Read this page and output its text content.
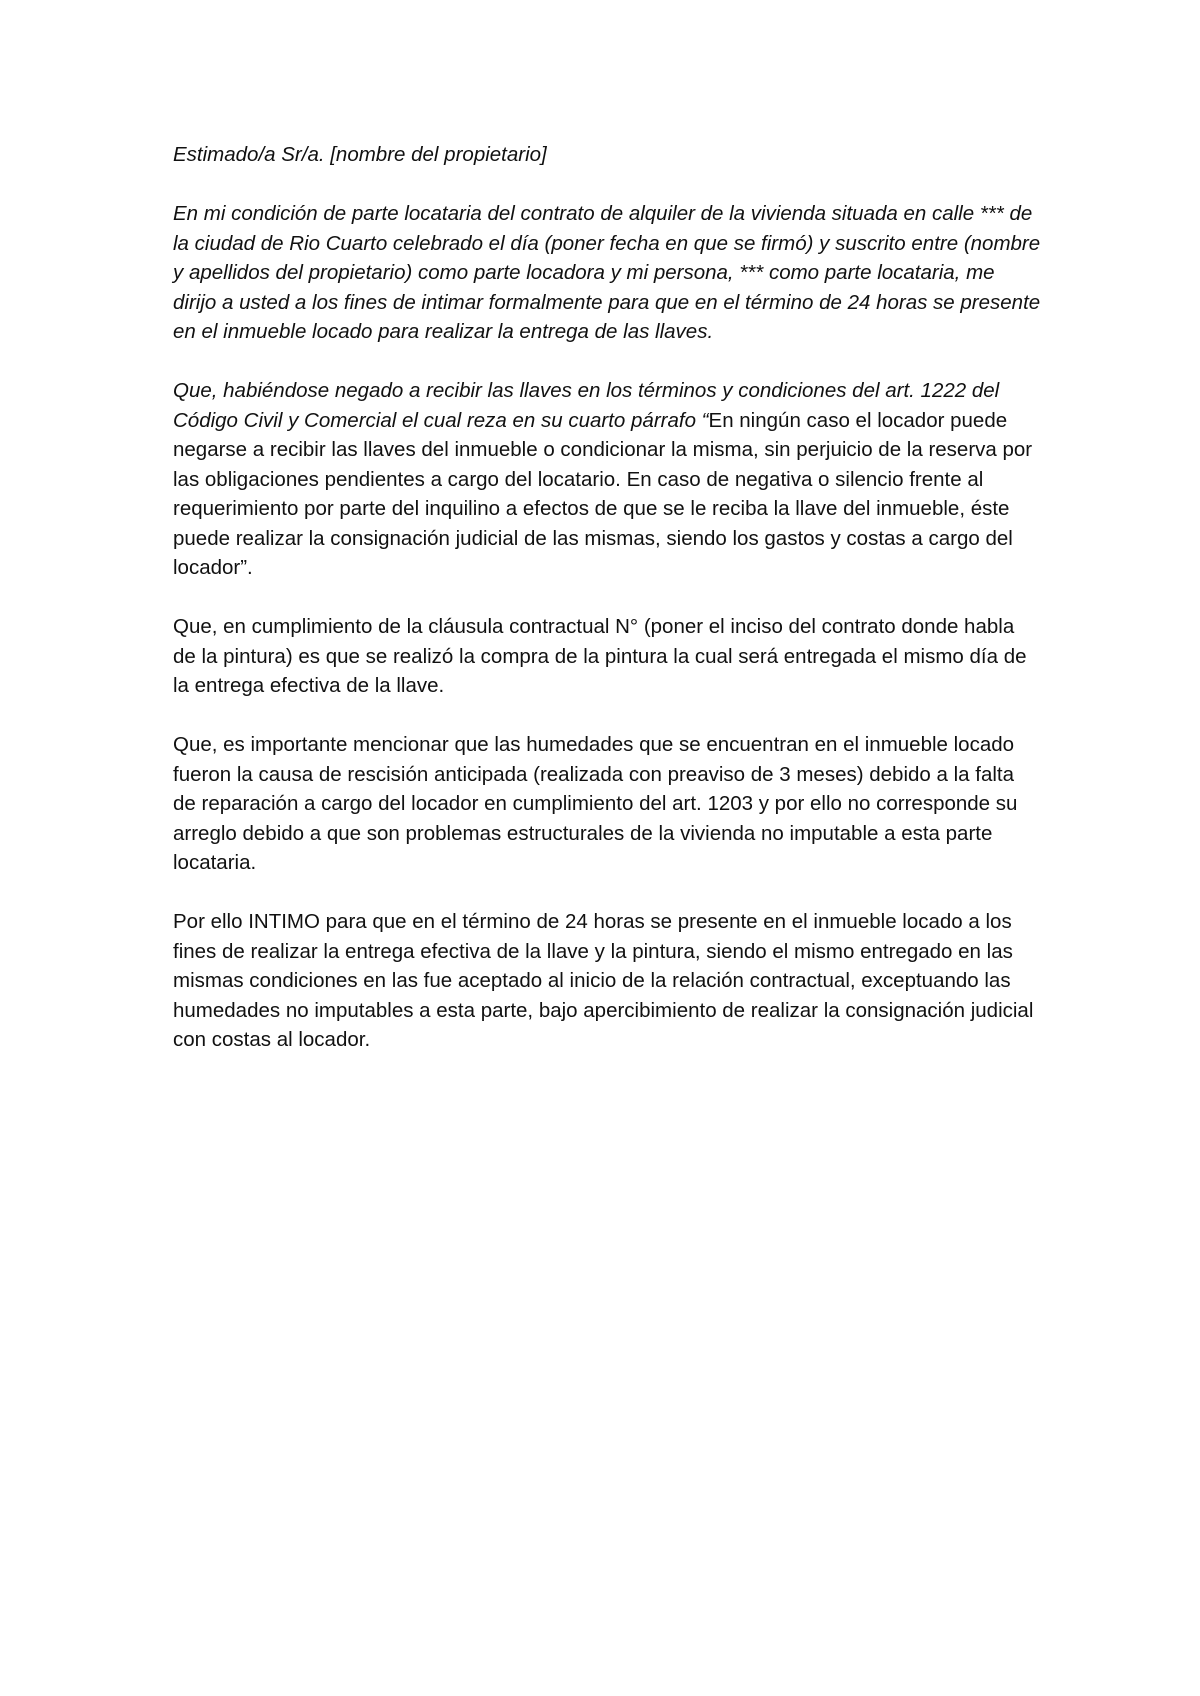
Estimado/a Sr/a. [nombre del propietario]

En mi condición de parte locataria del contrato de alquiler de la vivienda situada en calle *** de la ciudad de Rio Cuarto celebrado el día (poner fecha en que se firmó) y suscrito entre (nombre y apellidos del propietario) como parte locadora y mi persona, *** como parte locataria, me dirijo a usted a los fines de intimar formalmente para que en el término de 24 horas se presente en el inmueble locado para realizar la entrega de las llaves.

Que, habiéndose negado a recibir las llaves en los términos y condiciones del art. 1222 del Código Civil y Comercial el cual reza en su cuarto párrafo “En ningún caso el locador puede negarse a recibir las llaves del inmueble o condicionar la misma, sin perjuicio de la reserva por las obligaciones pendientes a cargo del locatario. En caso de negativa o silencio frente al requerimiento por parte del inquilino a efectos de que se le reciba la llave del inmueble, éste puede realizar la consignación judicial de las mismas, siendo los gastos y costas a cargo del locador”.

Que, en cumplimiento de la cláusula contractual N° (poner el inciso del contrato donde habla de la pintura) es que se realizó la compra de la pintura la cual será entregada el mismo día de la entrega efectiva de la llave.

Que, es importante mencionar que las humedades que se encuentran en el inmueble locado fueron la causa de rescisión anticipada (realizada con preaviso de 3 meses) debido a la falta de reparación a cargo del locador en cumplimiento del art. 1203 y por ello no corresponde su arreglo debido a que son problemas estructurales de la vivienda no imputable a esta parte locataria.

Por ello INTIMO para que en el término de 24 horas se presente en el inmueble locado a los fines de realizar la entrega efectiva de la llave y la pintura, siendo el mismo entregado en las mismas condiciones en las fue aceptado al inicio de la relación contractual, exceptuando las humedades no imputables a esta parte, bajo apercibimiento de realizar la consignación judicial con costas al locador.
